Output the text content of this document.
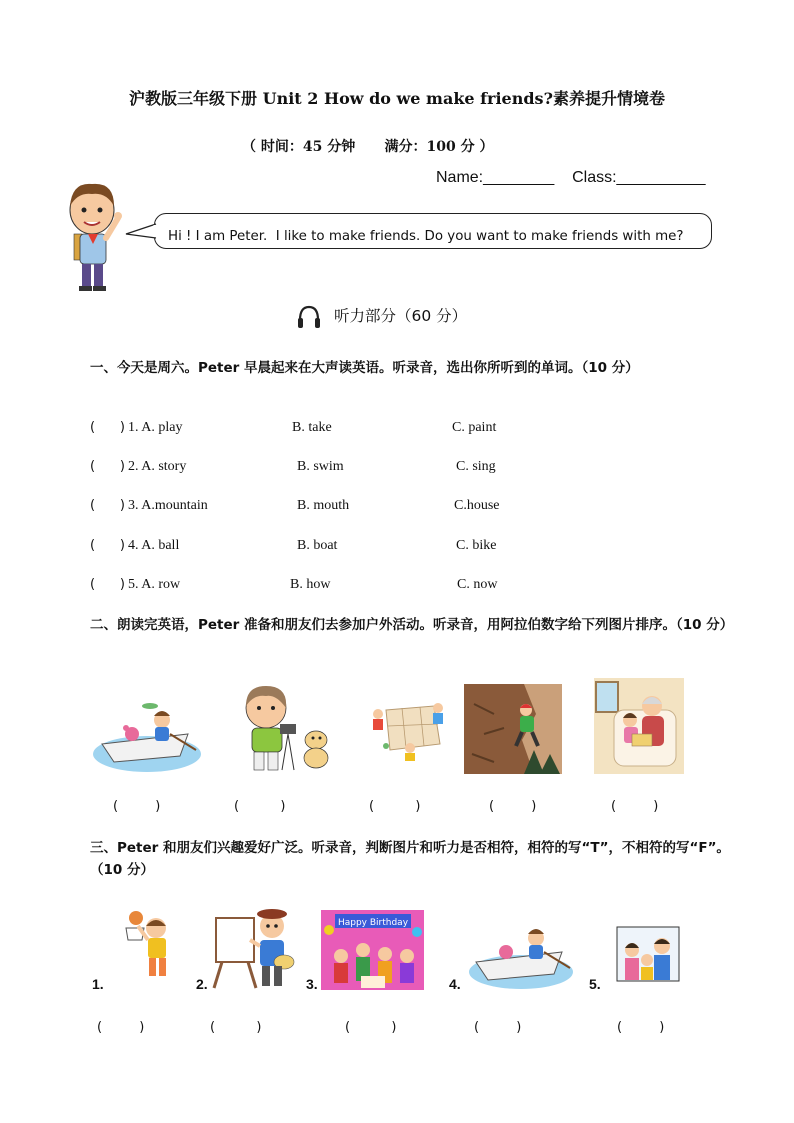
沪教版三年级下册 Unit 2 How do we make friends?素养提升情境卷
（ 时间：45 分钟      满分：100 分 ）
Name:________    Class:__________
Hi ! I am Peter.  I like to make friends. Do you want to make friends with me?
听力部分（60 分）
一、今天是周六。Peter 早晨起来在大声读英语。听录音，选出你所听到的单词。（10 分）
(      ) 1. A. play	B. take	C. paint
(      ) 2. A. story	B. swim	C. sing
(      ) 3. A.mountain	B. mouth	C.house
(      ) 4. A. ball	B. boat	C. bike
(      ) 5. A. row	B. how	C. now
二、朗读完英语，Peter 准备和朋友们去参加户外活动。听录音，用阿拉伯数字给下列图片排序。（10 分）
(         )	(          )	(          )	(         )	(         )
三、Peter 和朋友们兴趣爱好广泛。听录音，判断图片和听力是否相符，相符的写“T”，不相符的写“F”。（10 分）
1.	2.	3.
Happy Birthday
4.	5.
(         )	(          )	(          )	(         )	(         )
